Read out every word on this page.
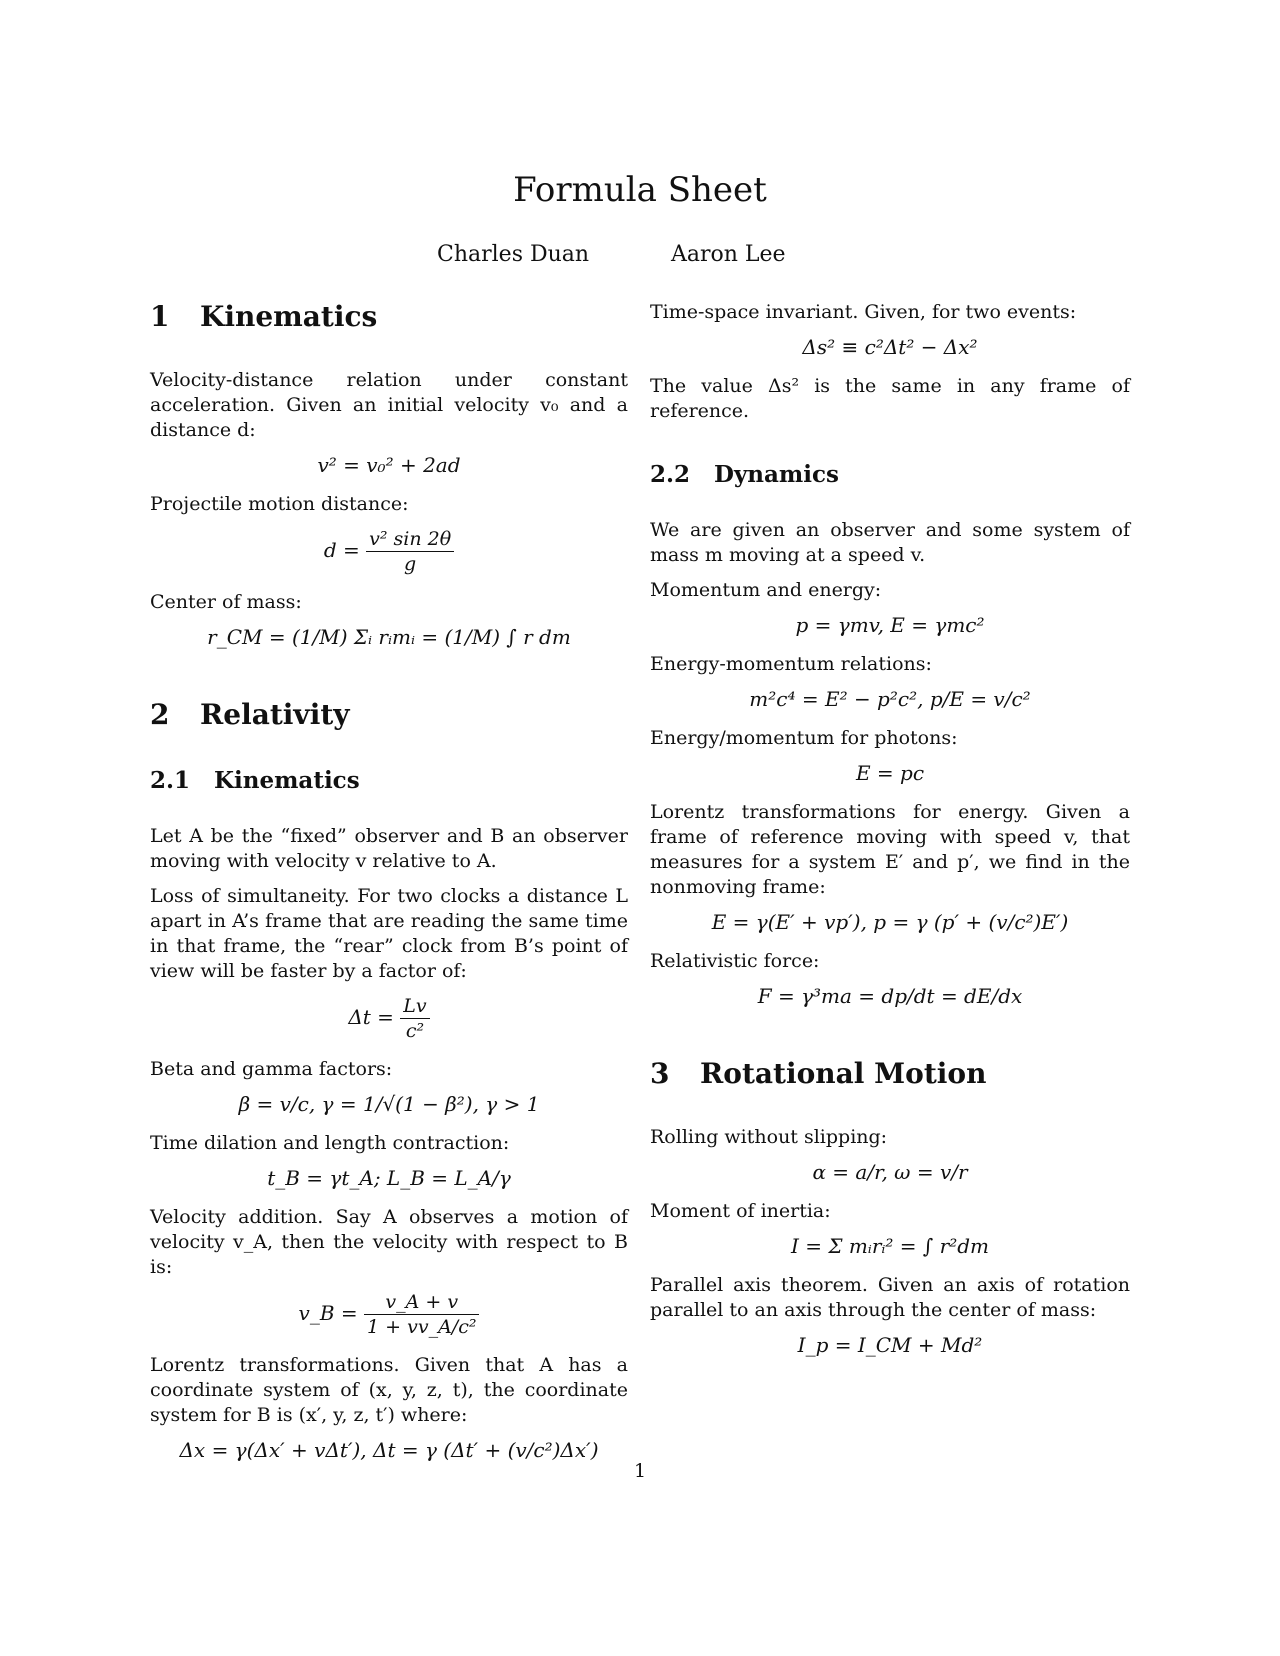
Formula Sheet
Charles Duan	Aaron Lee
1 Kinematics

Velocity-distance relation under constant acceleration. Given an initial velocity v₀ and a distance d:

v² = v₀² + 2ad

Projectile motion distance:

$d = \frac{\text{v² sin 2θ}}{g}$

Center of mass:

r_CM = (1/M) Σᵢ rᵢmᵢ = (1/M) ∫ r dm
2 Relativity
2.1 Kinematics

Let A be the “fixed” observer and B an observer moving with velocity v relative to A.

Loss of simultaneity. For two clocks a distance L apart in A’s frame that are reading the same time in that frame, the “rear” clock from B’s point of view will be faster by a factor of:

$\Delta t = \frac{Lv}{\text{c²}}$

Beta and gamma factors:

β = v/c, γ = 1/√(1 − β²), γ > 1

Time dilation and length contraction:

t_B = γt_A; L_B = L_A/γ

Velocity addition. Say A observes a motion of velocity v_A, then the velocity with respect to B is:

v_B = $\frac{v\_A + v}{\text{1 + vv\_A/c²}}$

Lorentz transformations. Given that A has a coordinate system of (x, y, z, t), the coordinate system for B is (x′, y, z, t′) where:

Δx = γ(Δx′ + vΔt′), Δt = γ (Δt′ + (v/c²)Δx′)

Time-space invariant. Given, for two events:

Δs² ≡ c²Δt² − Δx²

The value Δs² is the same in any frame of reference.

2.2 Dynamics

We are given an observer and some system of mass m moving at a speed v.

Momentum and energy:

p = γmv, E = γmc²

Energy-momentum relations:

m²c⁴ = E² − p²c², p/E = v/c²

Energy/momentum for photons:

E = pc

Lorentz transformations for energy. Given a frame of reference moving with speed v, that measures for a system E′ and p′, we find in the nonmoving frame:

E = γ(E′ + vp′), p = γ (p′ + (v/c²)E′)

Relativistic force:

F = γ³ma = dp/dt = dE/dx
3 Rotational Motion

Rolling without slipping:

α = a/r, ω = v/r

Moment of inertia:

I = Σ mᵢrᵢ² = ∫ r²dm

Parallel axis theorem. Given an axis of rotation parallel to an axis through the center of mass:

I_p = I_CM + Md²
1
